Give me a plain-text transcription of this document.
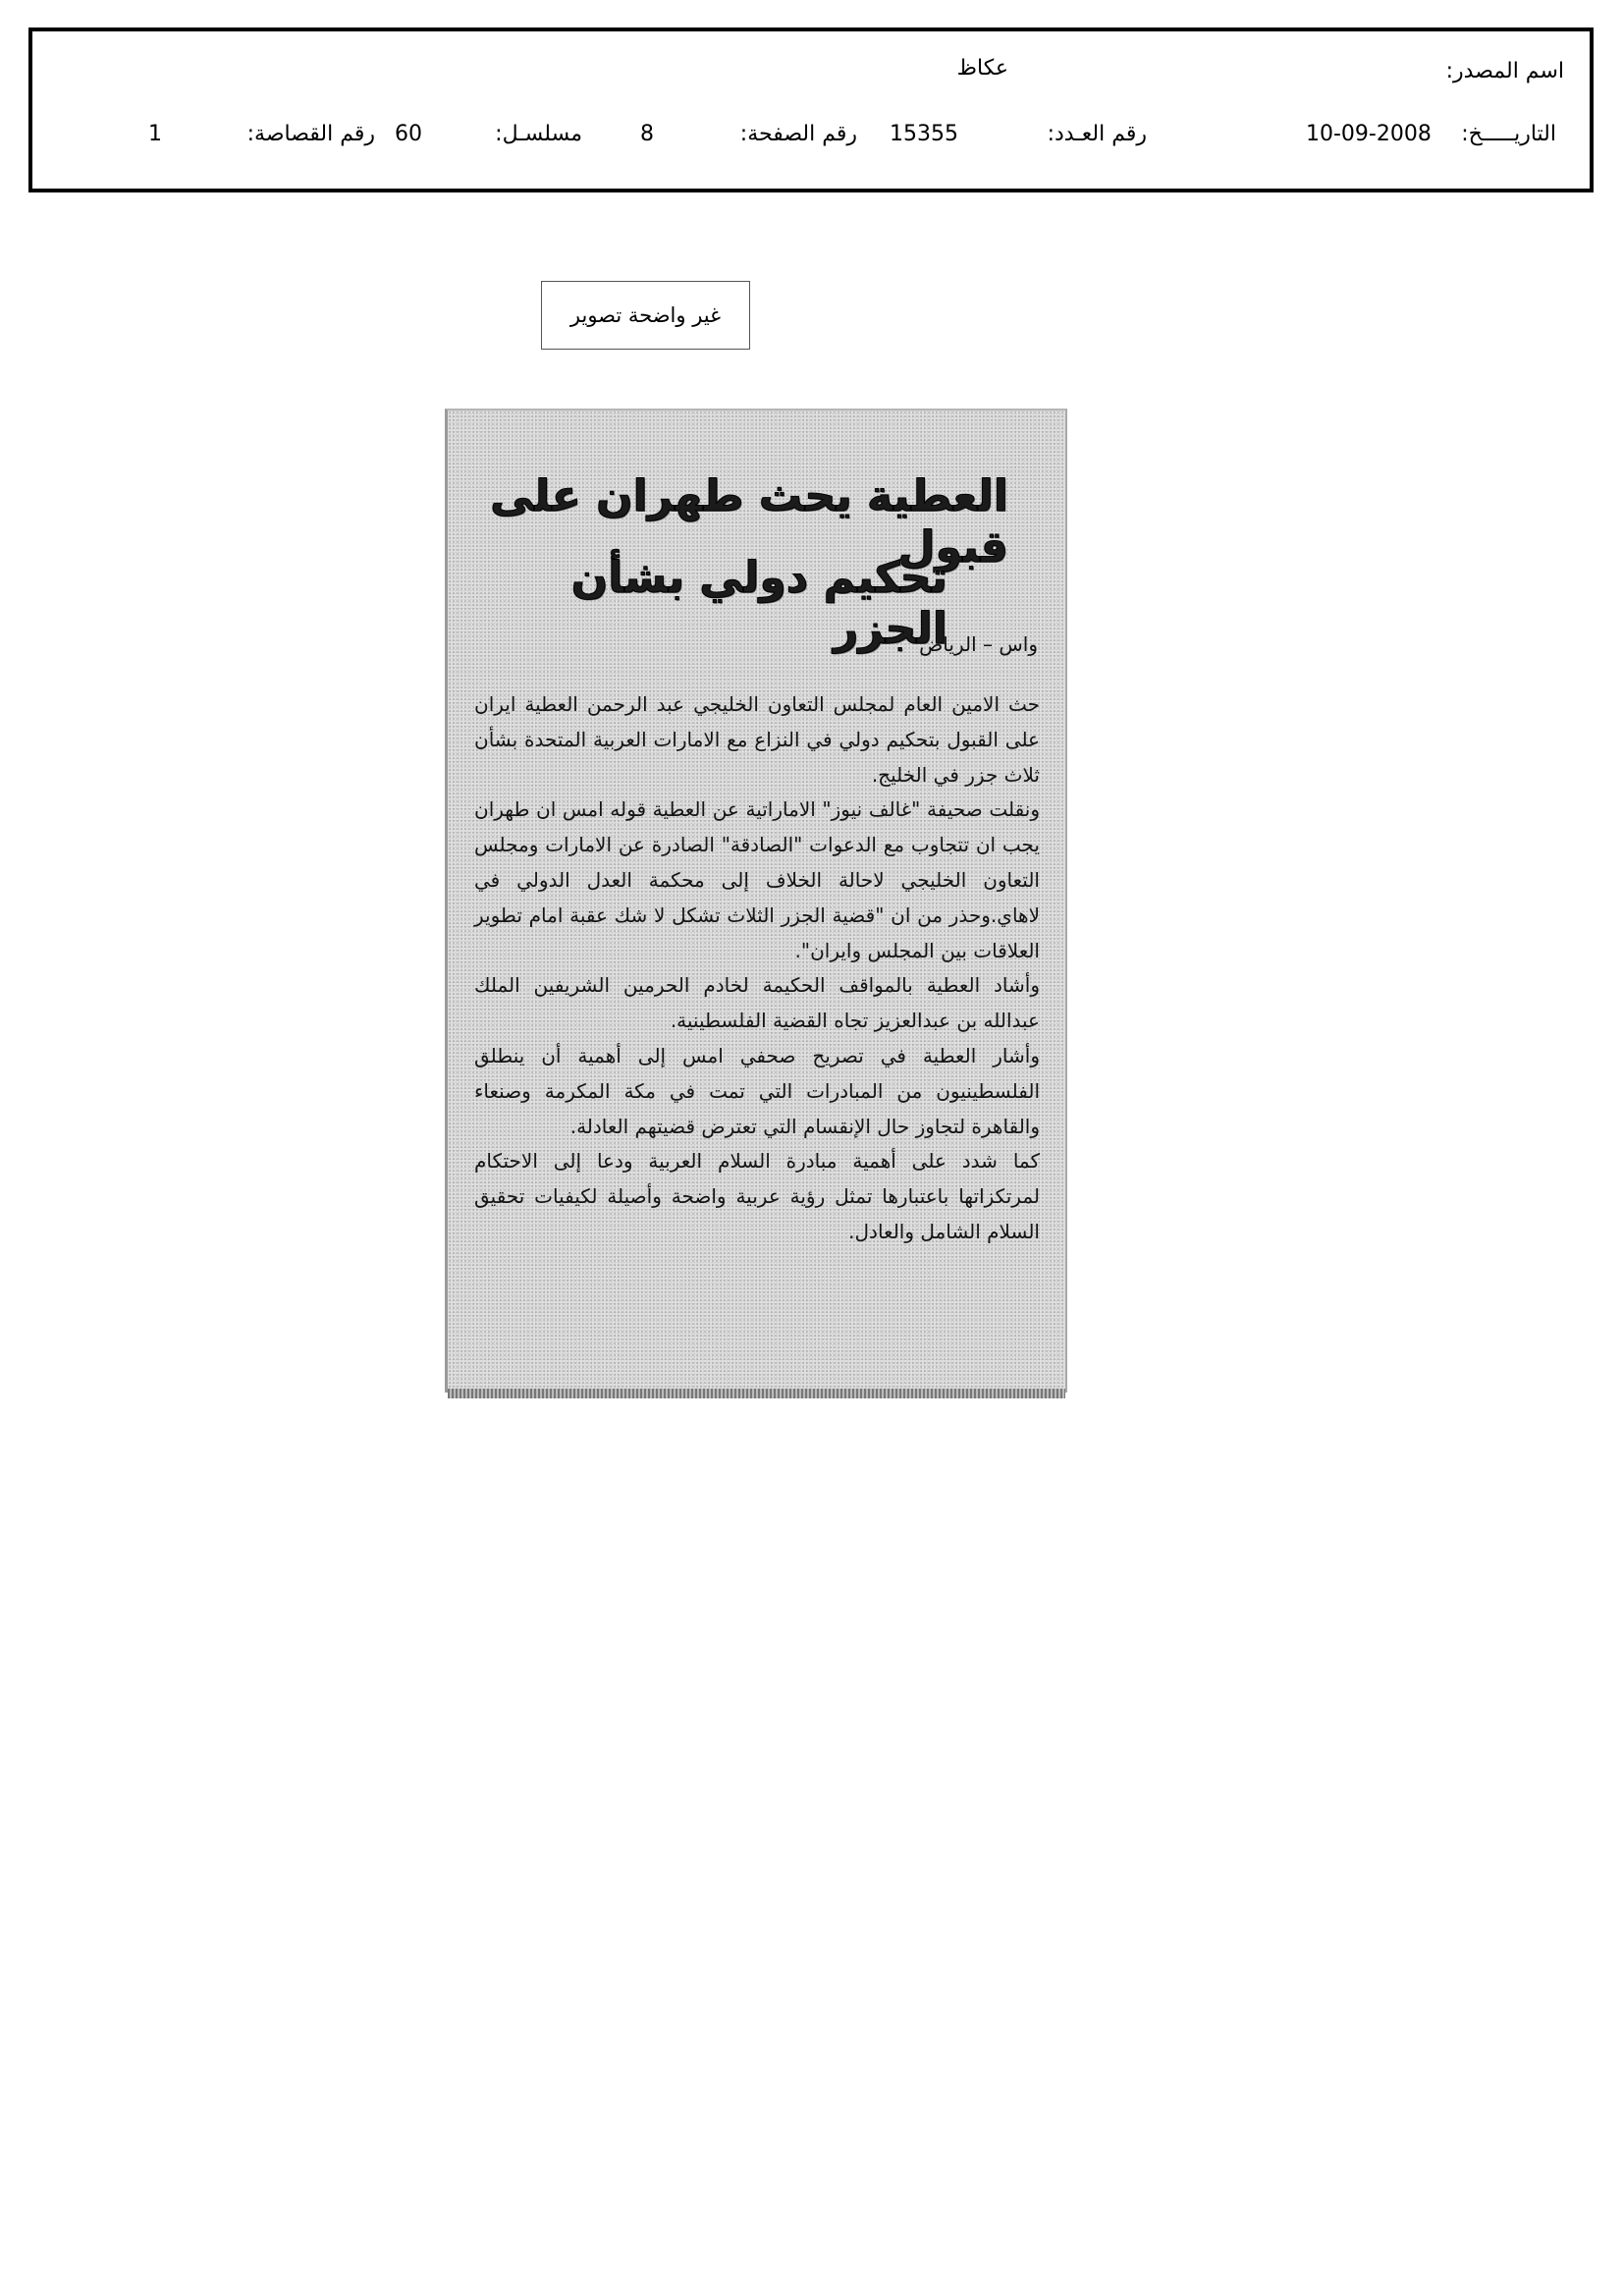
اسم المصدر:
عكاظ
التاريـــــخ:
10-09-2008
رقم العـدد:
15355
رقم الصفحة:
8
مسلسـل:
60
رقم القصاصة:
1
غير واضحة تصوير
العطية يحث طهران على قبول
تحكيم دولي بشأن الجزر
واس – الرياض

حث الامين العام لمجلس التعاون الخليجي عبد الرحمن العطية ايران على القبول بتحكيم دولي في النزاع مع الامارات العربية المتحدة بشأن ثلاث جزر في الخليج.

ونقلت صحيفة "غالف نيوز" الاماراتية عن العطية قوله امس ان طهران يجب ان تتجاوب مع الدعوات "الصادقة" الصادرة عن الامارات ومجلس التعاون الخليجي لاحالة الخلاف إلى محكمة العدل الدولي في لاهاي.وحذر من ان "قضية الجزر الثلاث تشكل لا شك عقبة امام تطوير العلاقات بين المجلس وايران".

وأشاد العطية بالمواقف الحكيمة لخادم الحرمين الشريفين الملك عبدالله بن عبدالعزيز تجاه القضية الفلسطينية.

وأشار العطية في تصريح صحفي امس إلى أهمية أن ينطلق الفلسطينيون من المبادرات التي تمت في مكة المكرمة وصنعاء والقاهرة لتجاوز حال الإنقسام التي تعترض قضيتهم العادلة.

كما شدد على أهمية مبادرة السلام العربية ودعا إلى الاحتكام لمرتكزاتها باعتبارها تمثل رؤية عربية واضحة وأصيلة لكيفيات تحقيق السلام الشامل والعادل.
